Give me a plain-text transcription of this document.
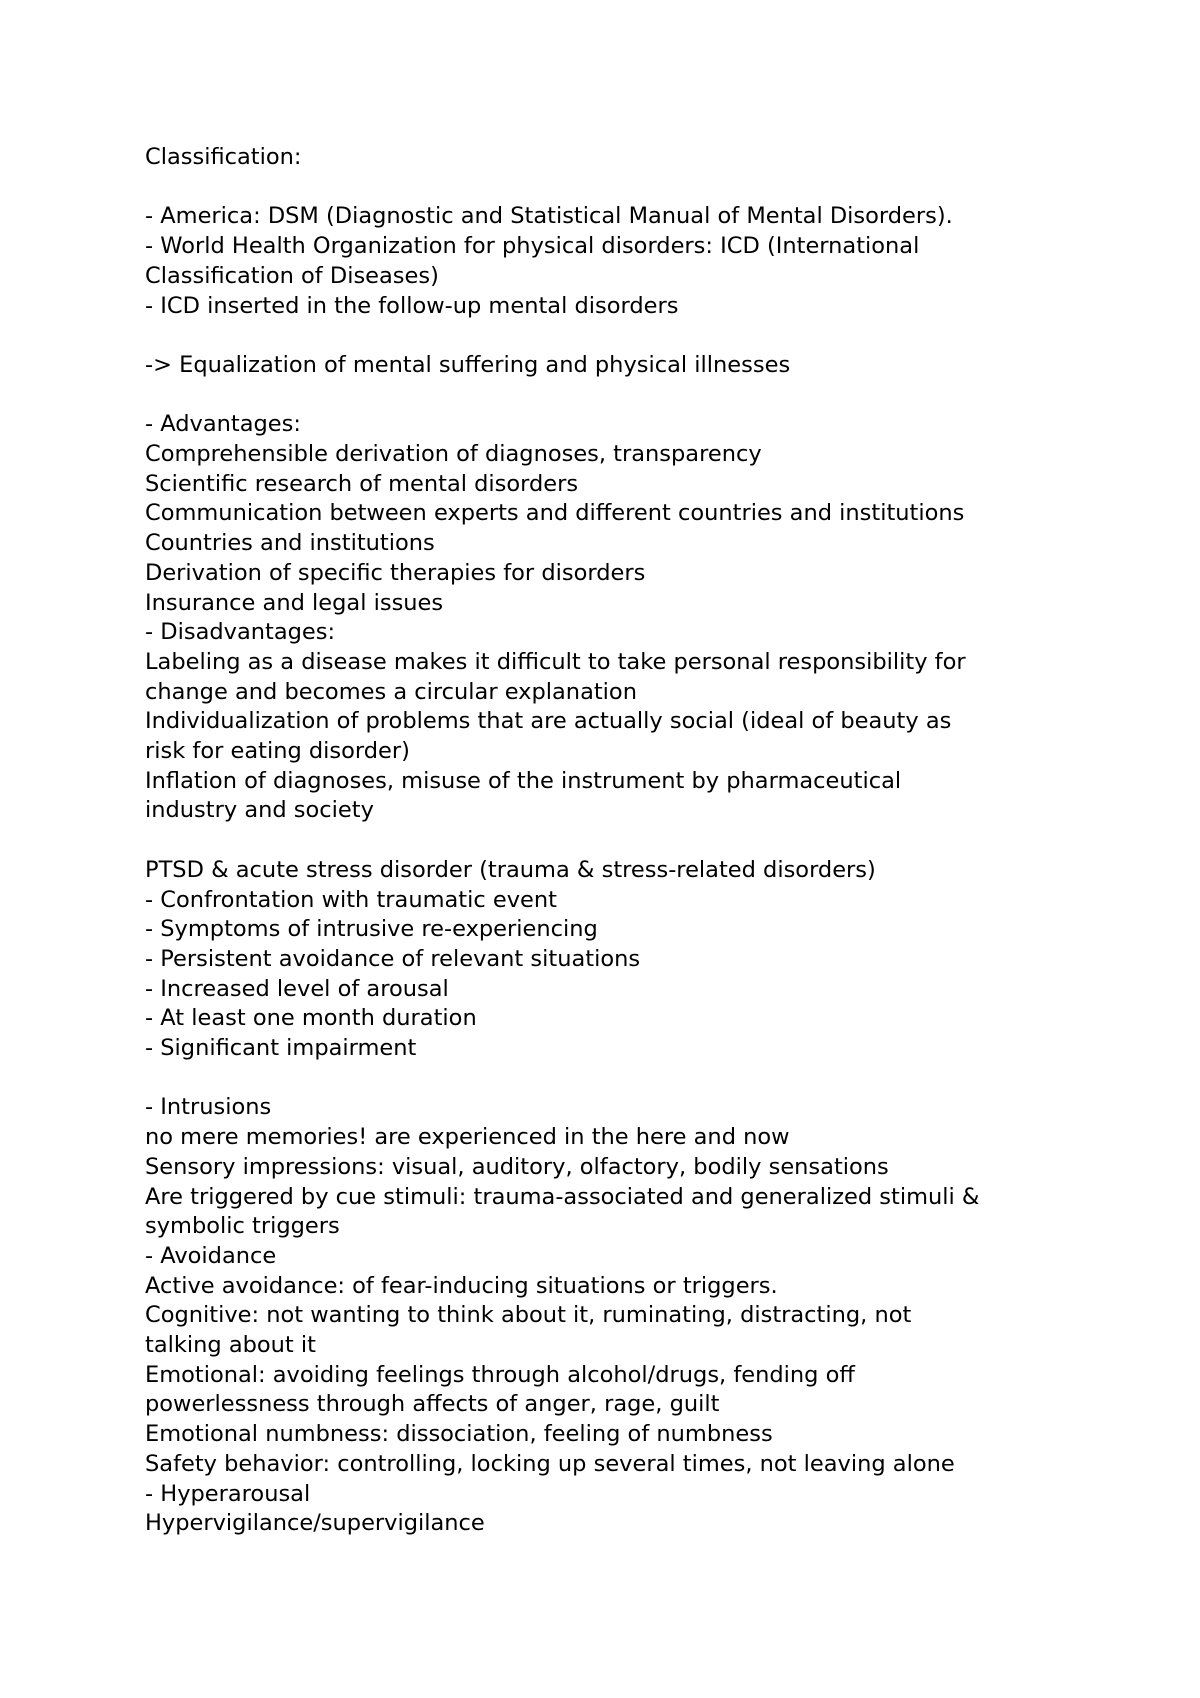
Classification:
- America: DSM (Diagnostic and Statistical Manual of Mental Disorders).
- World Health Organization for physical disorders: ICD (International
Classification of Diseases)
- ICD inserted in the follow-up mental disorders
-> Equalization of mental suffering and physical illnesses
- Advantages:
Comprehensible derivation of diagnoses, transparency
Scientific research of mental disorders
Communication between experts and different countries and institutions
Countries and institutions
Derivation of specific therapies for disorders
Insurance and legal issues
- Disadvantages:
Labeling as a disease makes it difficult to take personal responsibility for
change and becomes a circular explanation
Individualization of problems that are actually social (ideal of beauty as
risk for eating disorder)
Inflation of diagnoses, misuse of the instrument by pharmaceutical
industry and society
PTSD & acute stress disorder (trauma & stress-related disorders)
- Confrontation with traumatic event
- Symptoms of intrusive re-experiencing
- Persistent avoidance of relevant situations
- Increased level of arousal
- At least one month duration
- Significant impairment
- Intrusions
no mere memories! are experienced in the here and now
Sensory impressions: visual, auditory, olfactory, bodily sensations
Are triggered by cue stimuli: trauma-associated and generalized stimuli &
symbolic triggers
- Avoidance
Active avoidance: of fear-inducing situations or triggers.
Cognitive: not wanting to think about it, ruminating, distracting, not
talking about it
Emotional: avoiding feelings through alcohol/drugs, fending off
powerlessness through affects of anger, rage, guilt
Emotional numbness: dissociation, feeling of numbness
Safety behavior: controlling, locking up several times, not leaving alone
- Hyperarousal
Hypervigilance/supervigilance
